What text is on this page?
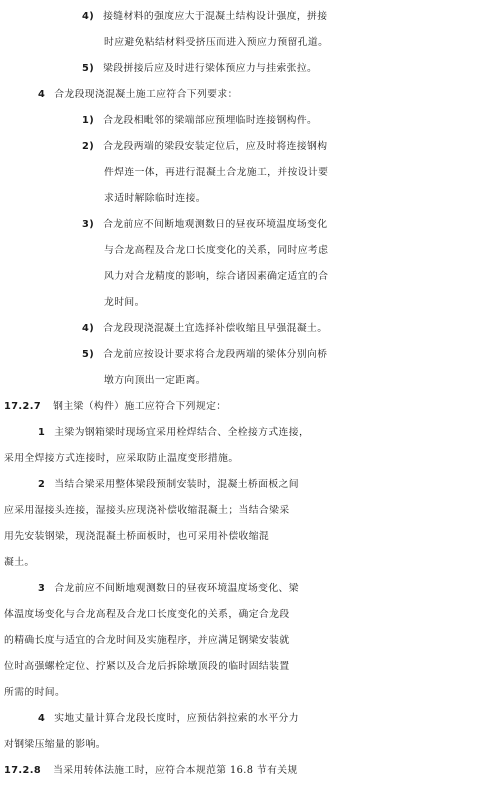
4) 接缝材料的强度应大于混凝土结构设计强度，拼接
时应避免粘结材料受挤压而进入预应力预留孔道。
5) 梁段拼接后应及时进行梁体预应力与挂索张拉。
4 合龙段现浇混凝土施工应符合下列要求：
1) 合龙段相毗邻的梁端部应预埋临时连接钢构件。
2) 合龙段两端的梁段安装定位后，应及时将连接钢构
件焊连一体，再进行混凝土合龙施工，并按设计要
求适时解除临时连接。
3) 合龙前应不间断地观测数日的昼夜环境温度场变化
与合龙高程及合龙口长度变化的关系，同时应考虑
风力对合龙精度的影响，综合诸因素确定适宜的合
龙时间。
4) 合龙段现浇混凝土宜选择补偿收缩且早强混凝土。
5) 合龙前应按设计要求将合龙段两端的梁体分别向桥
墩方向顶出一定距离。
17.2.7 钢主梁（构件）施工应符合下列规定：
1 主梁为钢箱梁时现场宜采用栓焊结合、全栓接方式连接，
采用全焊接方式连接时，应采取防止温度变形措施。
2 当结合梁采用整体梁段预制安装时，混凝土桥面板之间
应采用湿接头连接，湿接头应现浇补偿收缩混凝土；当结合梁采
用先安装钢梁，现浇混凝土桥面板时，也可采用补偿收缩混
凝土。
3 合龙前应不间断地观测数日的昼夜环境温度场变化、梁
体温度场变化与合龙高程及合龙口长度变化的关系，确定合龙段
的精确长度与适宜的合龙时间及实施程序，并应满足钢梁安装就
位时高强螺栓定位、拧紧以及合龙后拆除墩顶段的临时固结装置
所需的时间。
4 实地丈量计算合龙段长度时，应预估斜拉索的水平分力
对钢梁压缩量的影响。
17.2.8 当采用转体法施工时，应符合本规范第 16.8 节有关规
